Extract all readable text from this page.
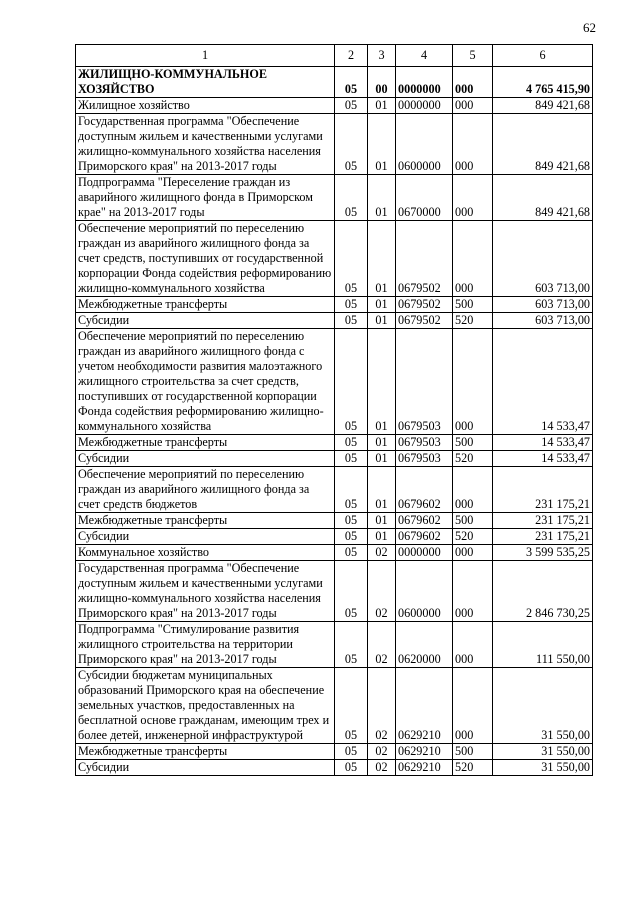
62
1	2	3	4	5	6
ЖИЛИЩНО-КОММУНАЛЬНОЕ ХОЗЯЙСТВО	05	00	0000000	000	4 765 415,90
Жилищное хозяйство	05	01	0000000	000	849 421,68
Государственная программа "Обеспечение доступным жильем и качественными услугами жилищно-коммунального хозяйства населения Приморского края" на 2013-2017 годы	05	01	0600000	000	849 421,68
Подпрограмма "Переселение граждан из аварийного жилищного фонда в Приморском крае" на 2013-2017 годы	05	01	0670000	000	849 421,68
Обеспечение мероприятий по переселению граждан из аварийного жилищного фонда за счет средств, поступивших от государственной корпорации Фонда содействия реформированию жилищно-коммунального хозяйства	05	01	0679502	000	603 713,00
Межбюджетные трансферты	05	01	0679502	500	603 713,00
Субсидии	05	01	0679502	520	603 713,00
Обеспечение мероприятий по переселению граждан из аварийного жилищного фонда с учетом необходимости развития малоэтажного жилищного строительства за счет средств, поступивших от государственной корпорации Фонда содействия реформированию жилищно-коммунального хозяйства	05	01	0679503	000	14 533,47
Межбюджетные трансферты	05	01	0679503	500	14 533,47
Субсидии	05	01	0679503	520	14 533,47
Обеспечение мероприятий по переселению граждан из аварийного жилищного фонда за счет средств бюджетов	05	01	0679602	000	231 175,21
Межбюджетные трансферты	05	01	0679602	500	231 175,21
Субсидии	05	01	0679602	520	231 175,21
Коммунальное хозяйство	05	02	0000000	000	3 599 535,25
Государственная программа "Обеспечение доступным жильем и качественными услугами жилищно-коммунального хозяйства населения Приморского края" на 2013-2017 годы	05	02	0600000	000	2 846 730,25
Подпрограмма "Стимулирование развития жилищного строительства на территории Приморского края" на 2013-2017 годы	05	02	0620000	000	111 550,00
Субсидии бюджетам муниципальных образований Приморского края на обеспечение земельных участков, предоставленных на бесплатной основе гражданам, имеющим трех и более детей, инженерной инфраструктурой	05	02	0629210	000	31 550,00
Межбюджетные трансферты	05	02	0629210	500	31 550,00
Субсидии	05	02	0629210	520	31 550,00
